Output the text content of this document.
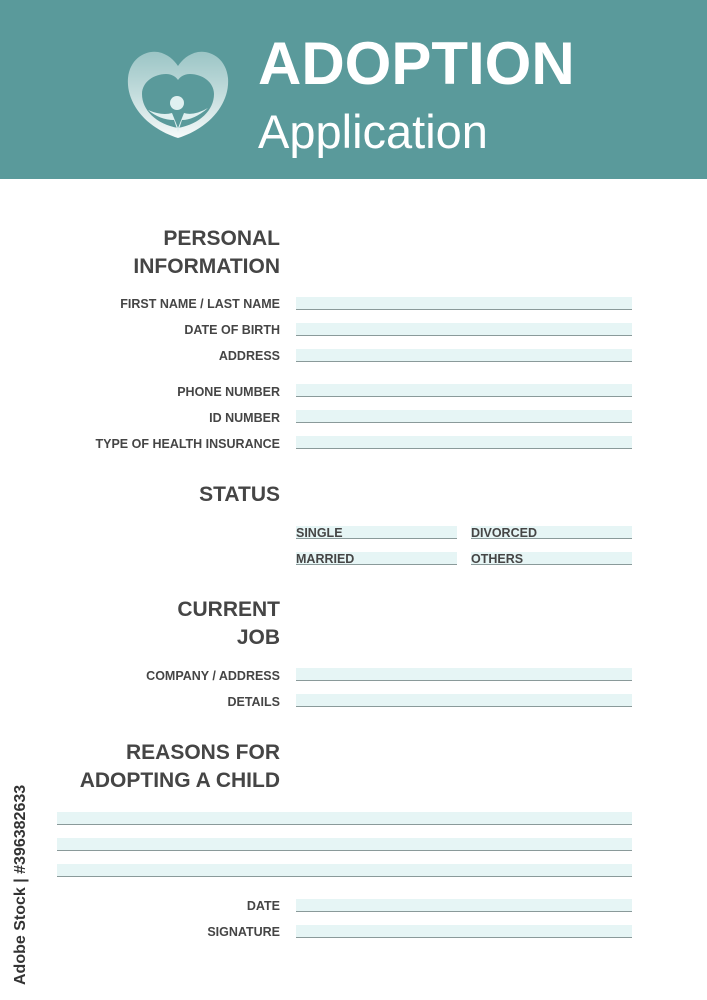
ADOPTION
Application
PERSONAL
INFORMATION
FIRST NAME / LAST NAME
DATE OF BIRTH
ADDRESS
PHONE NUMBER
ID NUMBER
TYPE OF HEALTH INSURANCE
STATUS
SINGLE	DIVORCED
MARRIED	OTHERS
CURRENT
JOB
COMPANY / ADDRESS
DETAILS
REASONS FOR
ADOPTING A CHILD
DATE
SIGNATURE
Adobe Stock | #396382633
